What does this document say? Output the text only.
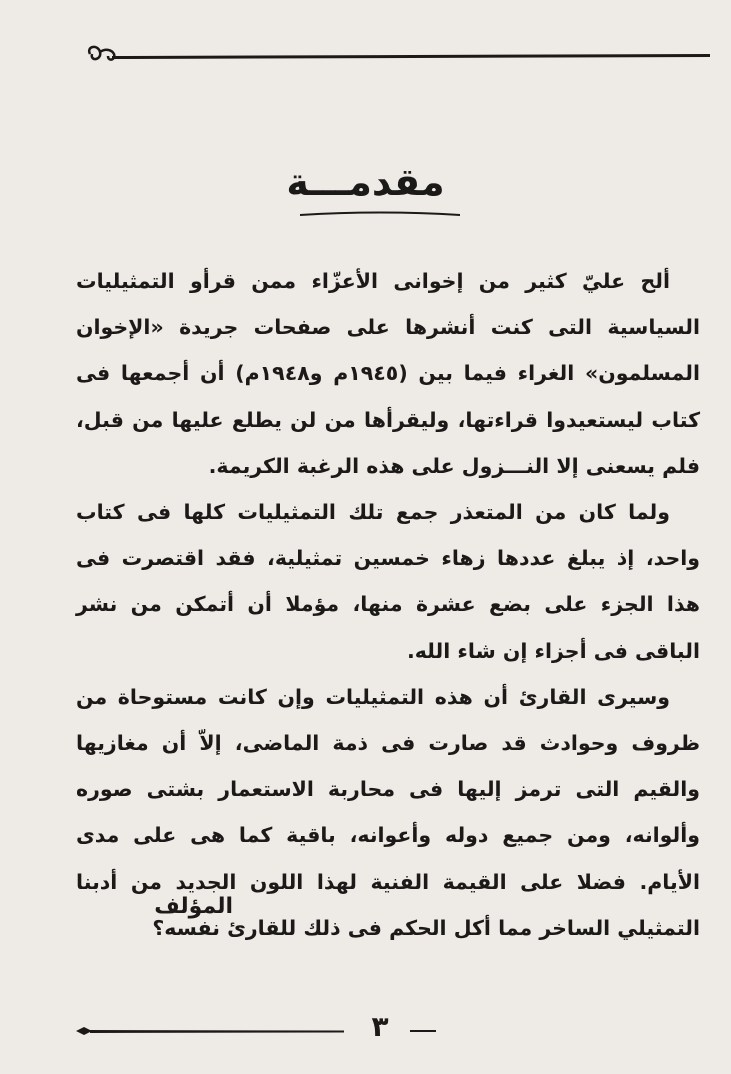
مقدمـــة

ألح عليّ كثير من إخوانى الأعزّاء ممن قرأو التمثيليات السياسية التى كنت أنشرها على صفحات جريدة «الإخوان المسلمون» الغراء فيما بين (١٩٤٥م و١٩٤٨م) أن أجمعها فى كتاب ليستعيدوا قراءتها، وليقرأها من لن يطلع عليها من قبل، فلم يسعنى إلا النـــزول على هذه الرغبة الكريمة.

ولما كان من المتعذر جمع تلك التمثيليات كلها فى كتاب واحد، إذ يبلغ عددها زهاء خمسين تمثيلية، فقد اقتصرت فى هذا الجزء على بضع عشرة منها، مؤملا أن أتمكن من نشر الباقى فى أجزاء إن شاء الله.

وسيرى القارئ أن هذه التمثيليات وإن كانت مستوحاة من ظروف وحوادث قد صارت فى ذمة الماضى، إلاّ أن مغازيها والقيم التى ترمز إليها فى محاربة الاستعمار بشتى صوره وألوانه، ومن جميع دوله وأعوانه، باقية كما هى على مدى الأيام. فضلا على القيمة الفنية لهذا اللون الجديد من أدبنا التمثيلي الساخر مما أكل الحكم فى ذلك للقارئ نفسه؟

المؤلف
٣
